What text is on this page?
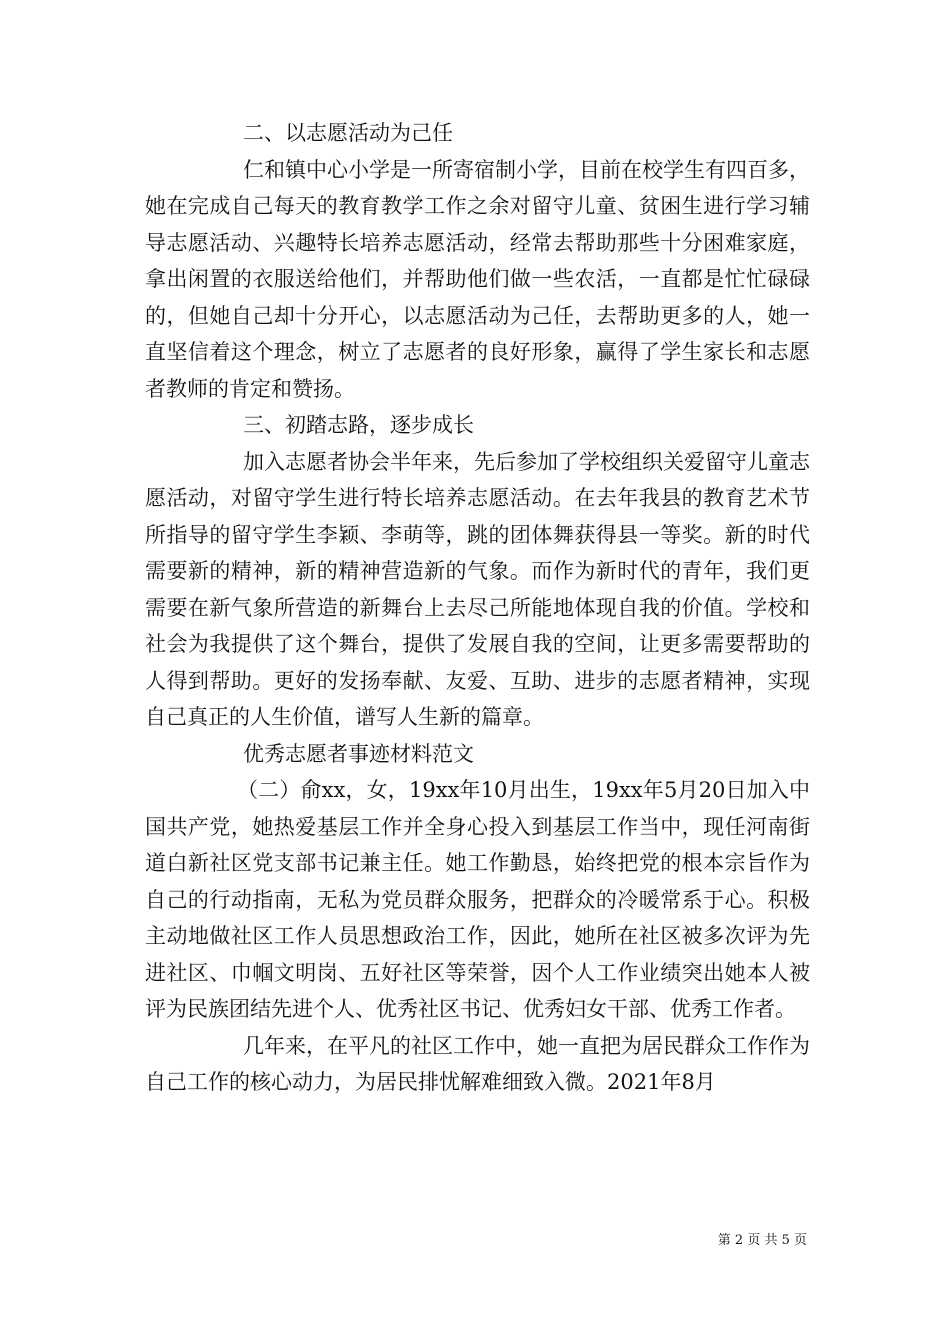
二、以志愿活动为己任

仁和镇中心小学是一所寄宿制小学，目前在校学生有四百多，她在完成自己每天的教育教学工作之余对留守儿童、贫困生进行学习辅导志愿活动、兴趣特长培养志愿活动，经常去帮助那些十分困难家庭，拿出闲置的衣服送给他们，并帮助他们做一些农活，一直都是忙忙碌碌的，但她自己却十分开心，以志愿活动为己任，去帮助更多的人，她一直坚信着这个理念，树立了志愿者的良好形象，赢得了学生家长和志愿者教师的肯定和赞扬。

三、初踏志路，逐步成长

加入志愿者协会半年来，先后参加了学校组织关爱留守儿童志愿活动，对留守学生进行特长培养志愿活动。在去年我县的教育艺术节所指导的留守学生李颖、李萌等，跳的团体舞获得县一等奖。新的时代需要新的精神，新的精神营造新的气象。而作为新时代的青年，我们更需要在新气象所营造的新舞台上去尽己所能地体现自我的价值。学校和社会为我提供了这个舞台，提供了发展自我的空间，让更多需要帮助的人得到帮助。更好的发扬奉献、友爱、互助、进步的志愿者精神，实现自己真正的人生价值，谱写人生新的篇章。

优秀志愿者事迹材料范文

（二）俞xx，女，19xx年10月出生，19xx年5月20日加入中国共产党，她热爱基层工作并全身心投入到基层工作当中，现任河南街道白新社区党支部书记兼主任。她工作勤恳，始终把党的根本宗旨作为自己的行动指南，无私为党员群众服务，把群众的冷暖常系于心。积极主动地做社区工作人员思想政治工作，因此，她所在社区被多次评为先进社区、巾帼文明岗、五好社区等荣誉，因个人工作业绩突出她本人被评为民族团结先进个人、优秀社区书记、优秀妇女干部、优秀工作者。

几年来，在平凡的社区工作中，她一直把为居民群众工作作为自己工作的核心动力，为居民排忧解难细致入微。2021年8月

第 2 页 共 5 页
